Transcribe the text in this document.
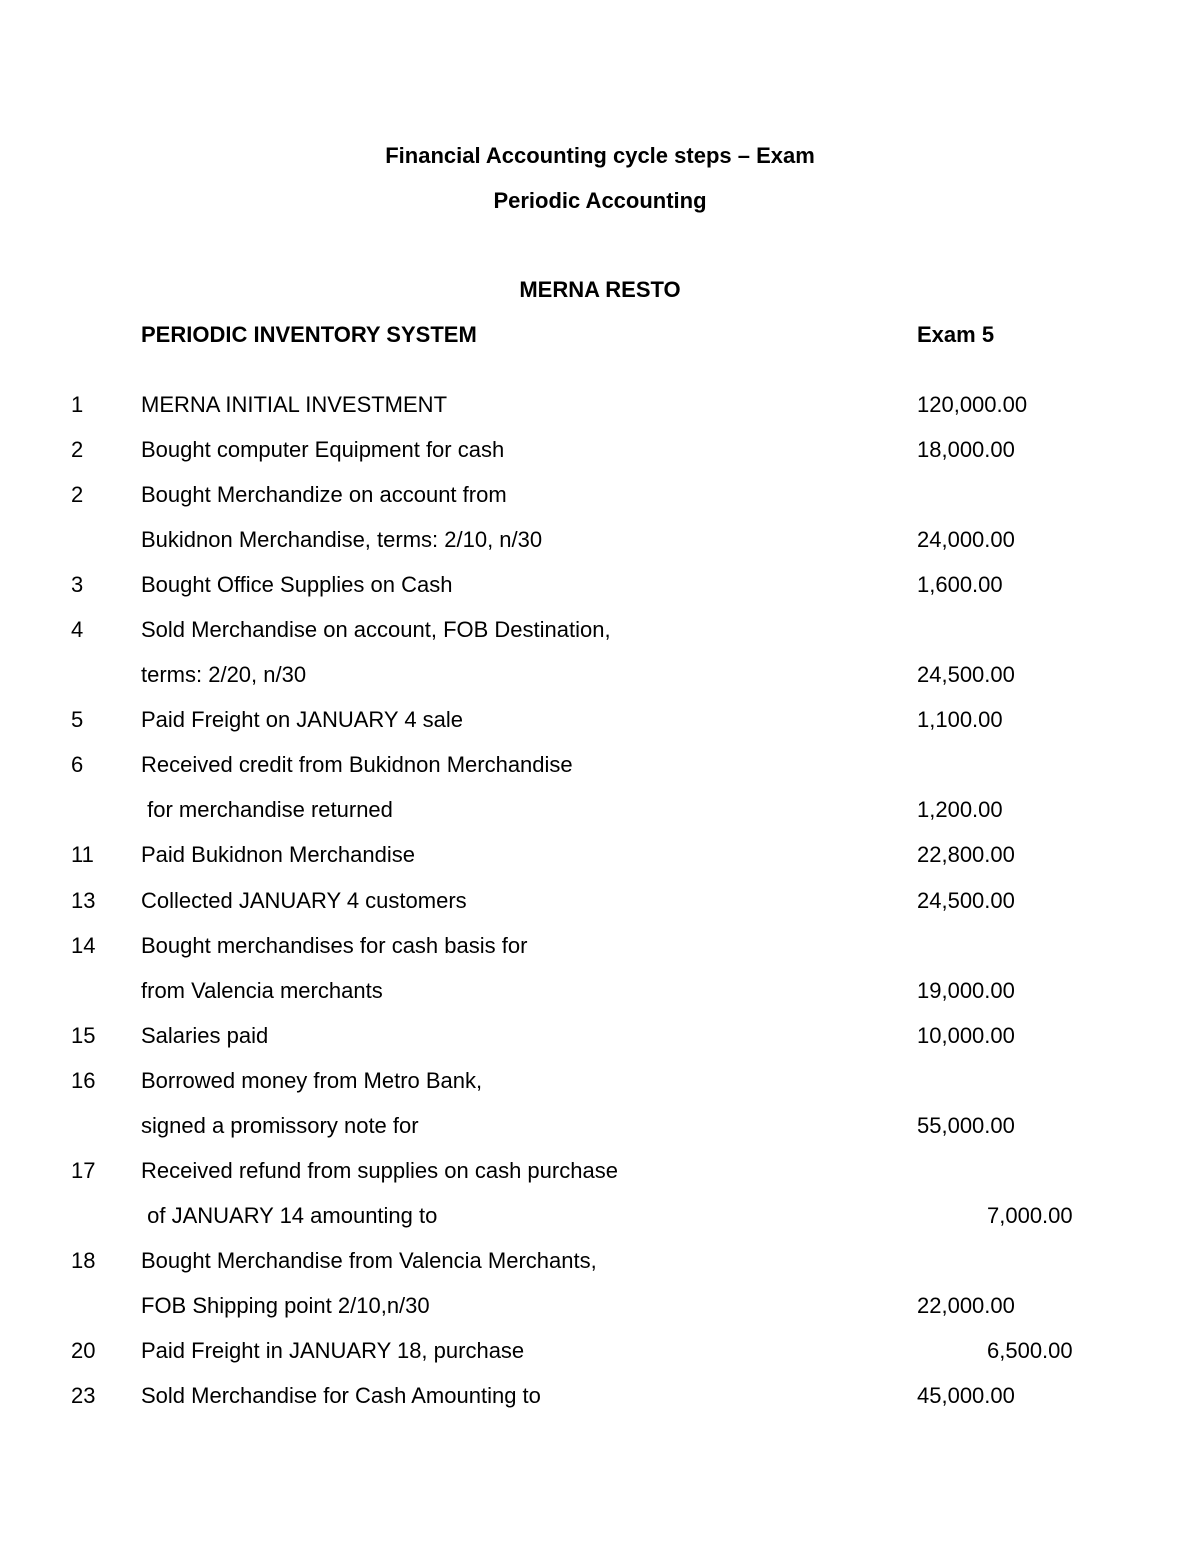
Financial Accounting cycle steps – Exam
Periodic Accounting
MERNA RESTO
PERIODIC INVENTORY SYSTEM	Exam 5
1	MERNA INITIAL INVESTMENT	120,000.00
2	Bought computer Equipment for cash	18,000.00
2	Bought Merchandize on account from
Bukidnon Merchandise, terms: 2/10, n/30	24,000.00
3	Bought Office Supplies on Cash	1,600.00
4	Sold Merchandise on account, FOB Destination,
terms: 2/20, n/30	24,500.00
5	Paid Freight on JANUARY 4 sale	1,100.00
6	Received credit from Bukidnon Merchandise
for merchandise returned	1,200.00
11 Paid Bukidnon Merchandise	22,800.00
13 Collected JANUARY 4 customers	24,500.00
14 Bought merchandises for cash basis for
from Valencia merchants	19,000.00
15 Salaries paid	10,000.00
16 Borrowed money from Metro Bank,
signed a promissory note for	55,000.00
17 Received refund from supplies on cash purchase
of JANUARY 14 amounting to	7,000.00
18 Bought Merchandise from Valencia Merchants,
FOB Shipping point 2/10,n/30	22,000.00
20 Paid Freight in JANUARY 18, purchase	6,500.00
23 Sold Merchandise for Cash Amounting to	45,000.00
